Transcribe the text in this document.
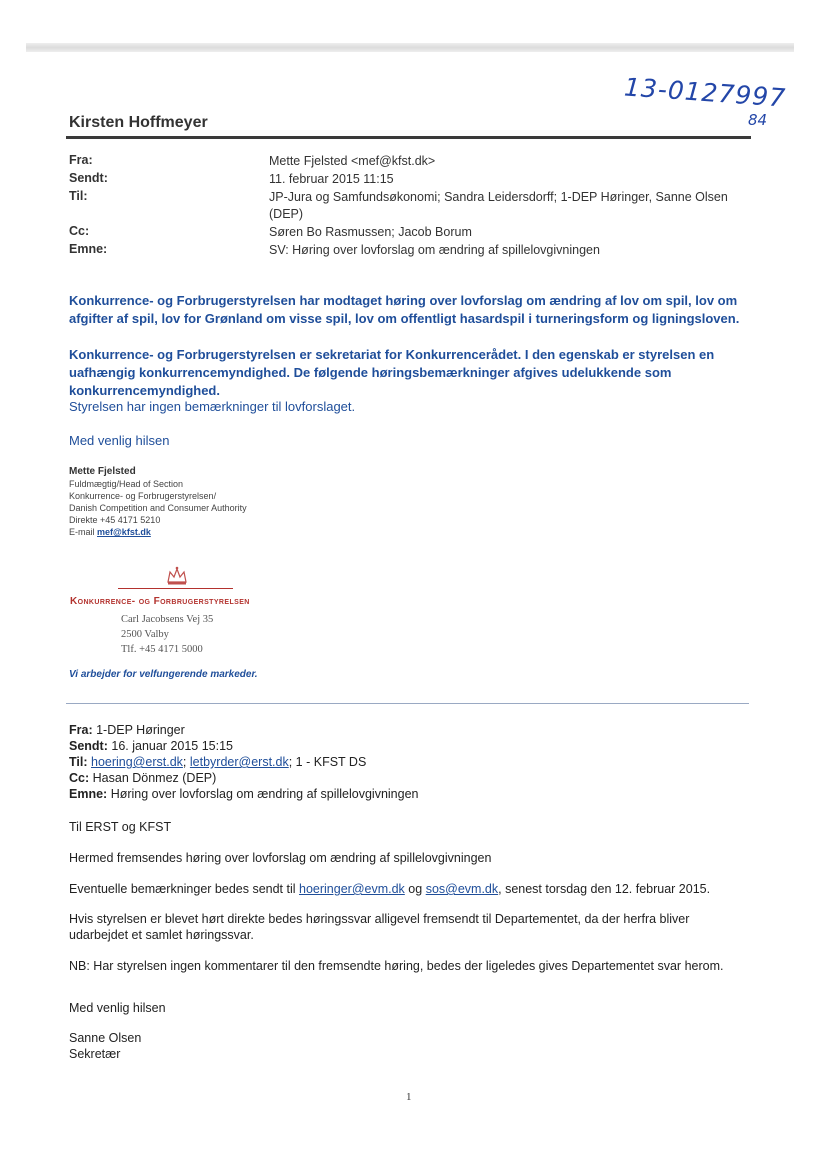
13-0127997
84
Kirsten Hoffmeyer
Fra:	Mette Fjelsted <mef@kfst.dk>
Sendt:	11. februar 2015 11:15
Til:	JP-Jura og Samfundsøkonomi; Sandra Leidersdorff; 1-DEP Høringer, Sanne Olsen (DEP)
Cc:	Søren Bo Rasmussen; Jacob Borum
Emne:	SV: Høring over lovforslag om ændring af spillelovgivningen
Konkurrence- og Forbrugerstyrelsen har modtaget høring over lovforslag om ændring af lov om spil, lov om afgifter af spil, lov for Grønland om visse spil, lov om offentligt hasardspil i turneringsform og ligningsloven.
Konkurrence- og Forbrugerstyrelsen er sekretariat for Konkurrencerådet. I den egenskab er styrelsen en uafhængig konkurrencemyndighed. De følgende høringsbemærkninger afgives udelukkende som konkurrencemyndighed.
Styrelsen har ingen bemærkninger til lovforslaget.
Med venlig hilsen
Mette Fjelsted
Fuldmægtig/Head of Section
Konkurrence- og Forbrugerstyrelsen/
Danish Competition and Consumer Authority
Direkte +45 4171 5210
E-mail mef@kfst.dk
Konkurrence- og Forbrugerstyrelsen
Carl Jacobsens Vej 35
2500 Valby
Tlf. +45 4171 5000
Vi arbejder for velfungerende markeder.
Fra: 1-DEP Høringer
Sendt: 16. januar 2015 15:15
Til: hoering@erst.dk; letbyrder@erst.dk; 1 - KFST DS
Cc: Hasan Dönmez (DEP)
Emne: Høring over lovforslag om ændring af spillelovgivningen
Til ERST og KFST
Hermed fremsendes høring over lovforslag om ændring af spillelovgivningen
Eventuelle bemærkninger bedes sendt til hoeringer@evm.dk og sos@evm.dk, senest torsdag den 12. februar 2015.
Hvis styrelsen er blevet hørt direkte bedes høringssvar alligevel fremsendt til Departementet, da der herfra bliver udarbejdet et samlet høringssvar.
NB: Har styrelsen ingen kommentarer til den fremsendte høring, bedes der ligeledes gives Departementet svar herom.
Med venlig hilsen
Sanne Olsen
Sekretær
1
